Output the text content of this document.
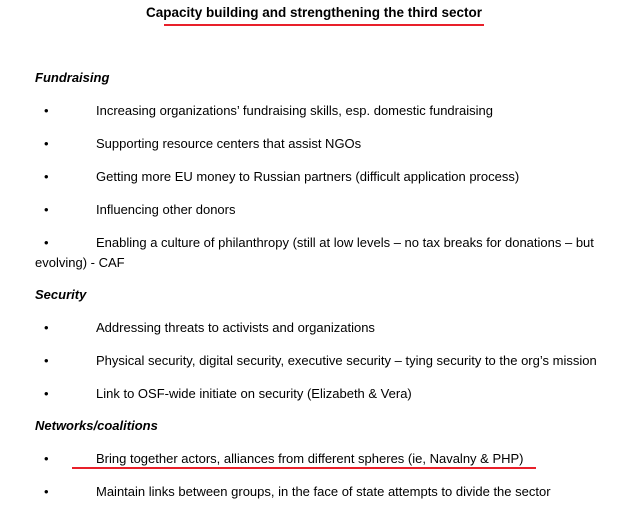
Capacity building and strengthening the third sector
Fundraising
•	Increasing organizations’ fundraising skills, esp. domestic fundraising
•	Supporting resource centers that assist NGOs
•	Getting more EU money to Russian partners (difficult application process)
•	Influencing other donors
•	Enabling a culture of philanthropy (still at low levels – no tax breaks for donations – but
evolving) - CAF
Security
•	Addressing threats to activists and organizations
•	Physical security, digital security, executive security – tying security to the org’s mission
•	Link to OSF-wide initiate on security (Elizabeth & Vera)
Networks/coalitions
•	Bring together actors, alliances from different spheres (ie, Navalny & PHP)
•	Maintain links between groups, in the face of state attempts to divide the sector
